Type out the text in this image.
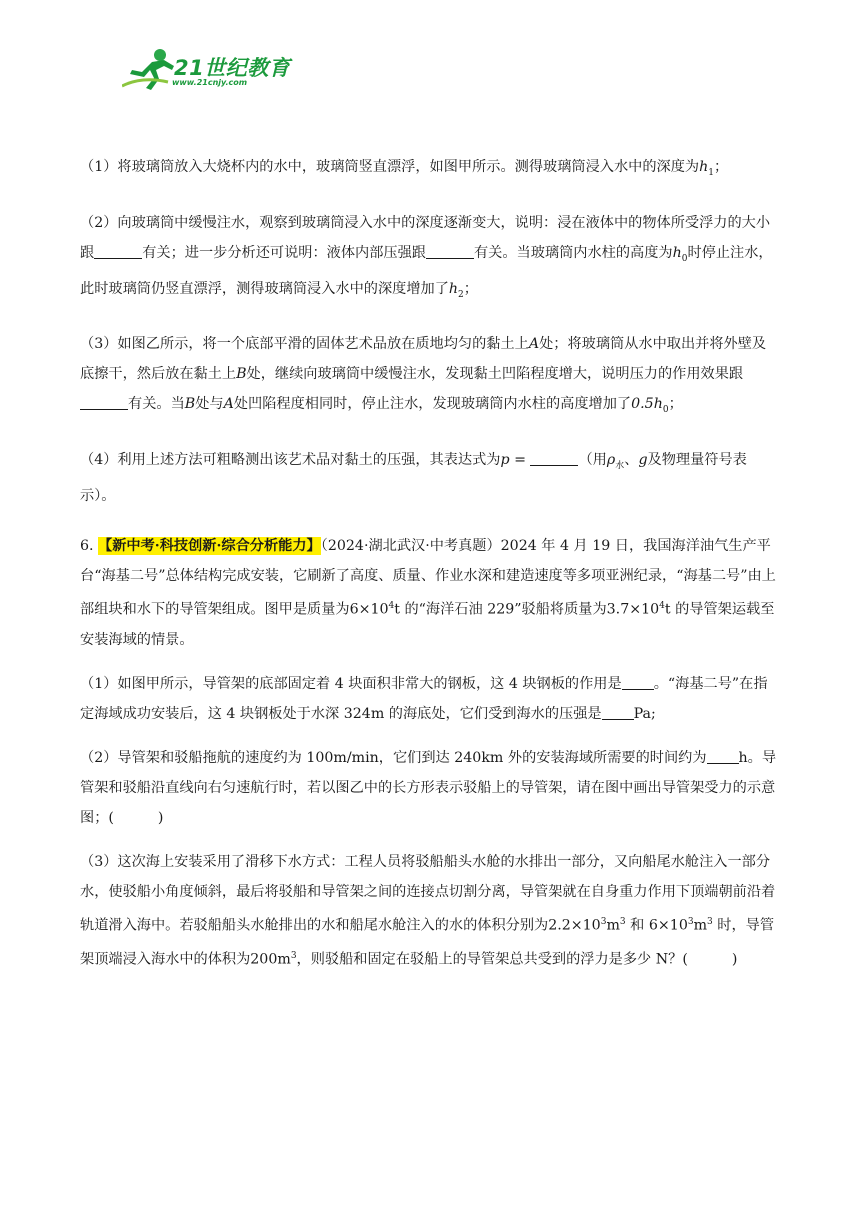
21世纪教育
www.21cnjy.com

（1）将玻璃筒放入大烧杯内的水中，玻璃筒竖直漂浮，如图甲所示。测得玻璃筒浸入水中的深度为$h_1$；

（2）向玻璃筒中缓慢注水，观察到玻璃筒浸入水中的深度逐渐变大，说明：浸在液体中的物体所受浮力的大小跟	有关；进一步分析还可说明：液体内部压强跟	有关。当玻璃筒内水柱的高度为$h_0$时停止注水，此时玻璃筒仍竖直漂浮，测得玻璃筒浸入水中的深度增加了$h_2$；

（3）如图乙所示，将一个底部平滑的固体艺术品放在质地均匀的黏土上A处；将玻璃筒从水中取出并将外壁及底擦干，然后放在黏土上B处，继续向玻璃筒中缓慢注水，发现黏土凹陷程度增大，说明压力的作用效果跟有关。当B处与A处凹陷程度相同时，停止注水，发现玻璃筒内水柱的高度增加了$0.5h_0$；

（4）利用上述方法可粗略测出该艺术品对黏土的压强，其表达式为p =	（用$\rho_水$、g及物理量符号表示）。

6. 【新中考·科技创新·综合分析能力】（2024·湖北武汉·中考真题）2024 年 4 月 19 日，我国海洋油气生产平台“海基二号”总体结构完成安装，它刷新了高度、质量、作业水深和建造速度等多项亚洲纪录，“海基二号”由上部组块和水下的导管架组成。图甲是质量为$6\times 10^4t$ 的“海洋石油 229”驳船将质量为$3.7\times 10^4t$ 的导管架运载至安装海域的情景。

（1）如图甲所示，导管架的底部固定着 4 块面积非常大的钢板，这 4 块钢板的作用是 。“海基二号”在指定海域成功安装后，这 4 块钢板处于水深 324m 的海底处，它们受到海水的压强是 Pa;

（2）导管架和驳船拖航的速度约为 100m/min，它们到达 240km 外的安装海域所需要的时间约为 h。导管架和驳船沿直线向右匀速航行时，若以图乙中的长方形表示驳船上的导管架，请在图中画出导管架受力的示意图；(	)

（3）这次海上安装采用了滑移下水方式：工程人员将驳船船头水舱的水排出一部分，又向船尾水舱注入一部分水，使驳船小角度倾斜，最后将驳船和导管架之间的连接点切割分离，导管架就在自身重力作用下顶端朝前沿着轨道滑入海中。若驳船船头水舱排出的水和船尾水舱注入的水的体积分别为$2.2\times 10^3m^3$ 和 $6\times 10^3m^3$ 时，导管架顶端浸入海水中的体积为$200m^3$，则驳船和固定在驳船上的导管架总共受到的浮力是多少 N？(	)
